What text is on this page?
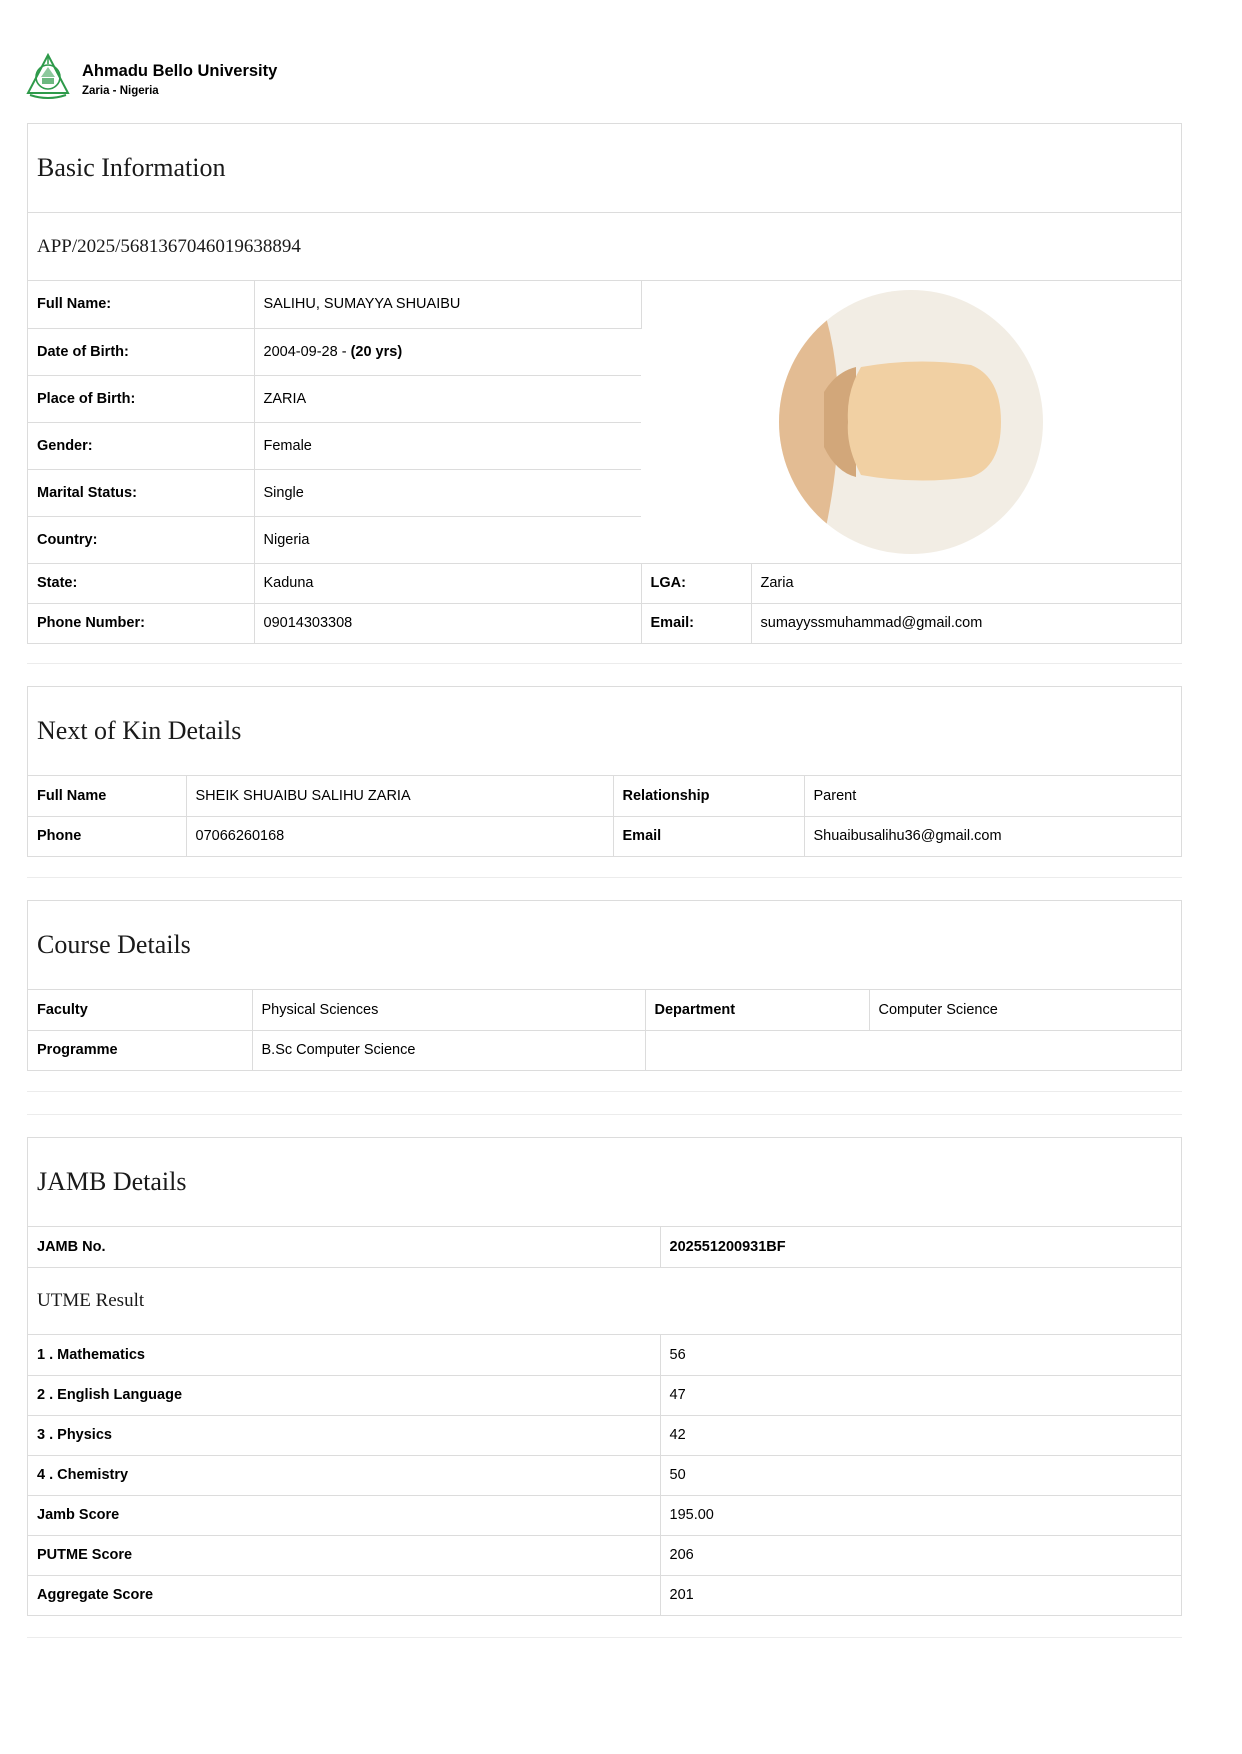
Ahmadu Bello University
Zaria - Nigeria
Basic Information
APP/2025/5681367046019638894
Full Name:	SALIHU, SUMAYYA SHUAIBU	

Date of Birth:	2004-09-28 - (20 yrs)		
Place of Birth:	ZARIA		
Gender:	Female		
Marital Status:	Single		
Country:	Nigeria		
State:	Kaduna	LGA:	Zaria
Phone Number:	09014303308	Email:	sumayyssmuhammad@gmail.com
Next of Kin Details
Full Name	SHEIK SHUAIBU SALIHU ZARIA	Relationship	Parent
Phone	07066260168	Email	Shuaibusalihu36@gmail.com
Course Details
Faculty	Physical Sciences	Department	Computer Science
Programme	B.Sc Computer Science		
JAMB Details
JAMB No.	202551200931BF
UTME Result
1 . Mathematics	56
2 . English Language	47
3 . Physics	42
4 . Chemistry	50
Jamb Score	195.00
PUTME Score	206
Aggregate Score	201
